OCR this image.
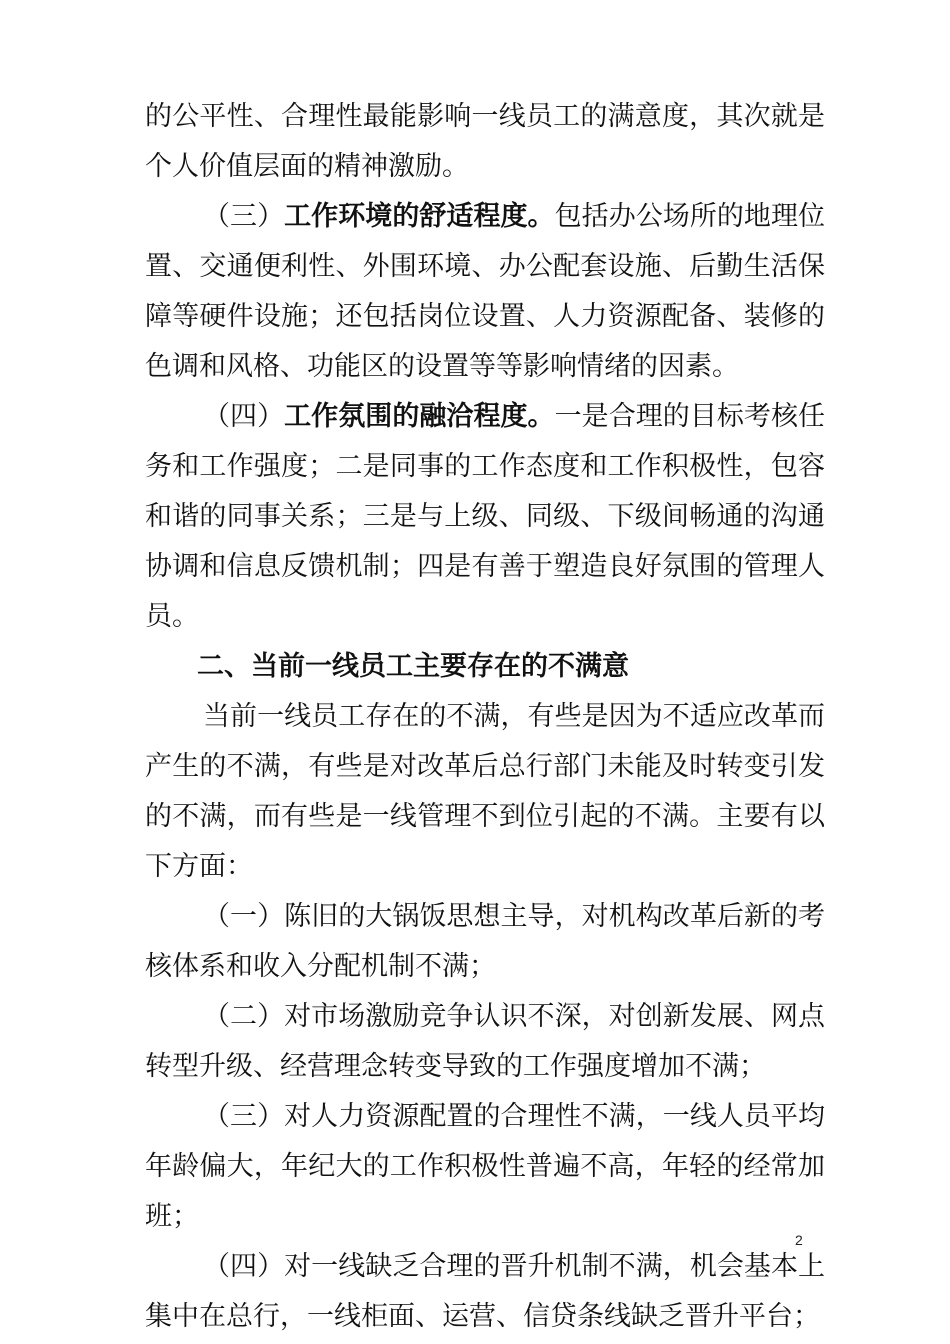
的公平性、合理性最能影响一线员工的满意度，其次就是个人价值层面的精神激励。

（三）工作环境的舒适程度。包括办公场所的地理位置、交通便利性、外围环境、办公配套设施、后勤生活保障等硬件设施；还包括岗位设置、人力资源配备、装修的色调和风格、功能区的设置等等影响情绪的因素。

（四）工作氛围的融洽程度。一是合理的目标考核任务和工作强度；二是同事的工作态度和工作积极性，包容和谐的同事关系；三是与上级、同级、下级间畅通的沟通协调和信息反馈机制；四是有善于塑造良好氛围的管理人员。

二、当前一线员工主要存在的不满意

当前一线员工存在的不满，有些是因为不适应改革而产生的不满，有些是对改革后总行部门未能及时转变引发的不满，而有些是一线管理不到位引起的不满。主要有以下方面：

（一）陈旧的大锅饭思想主导，对机构改革后新的考核体系和收入分配机制不满；

（二）对市场激励竞争认识不深，对创新发展、网点转型升级、经营理念转变导致的工作强度增加不满；

（三）对人力资源配置的合理性不满，一线人员平均年龄偏大，年纪大的工作积极性普遍不高，年轻的经常加班；

（四）对一线缺乏合理的晋升机制不满，机会基本上集中在总行，一线柜面、运营、信贷条线缺乏晋升平台；

2
